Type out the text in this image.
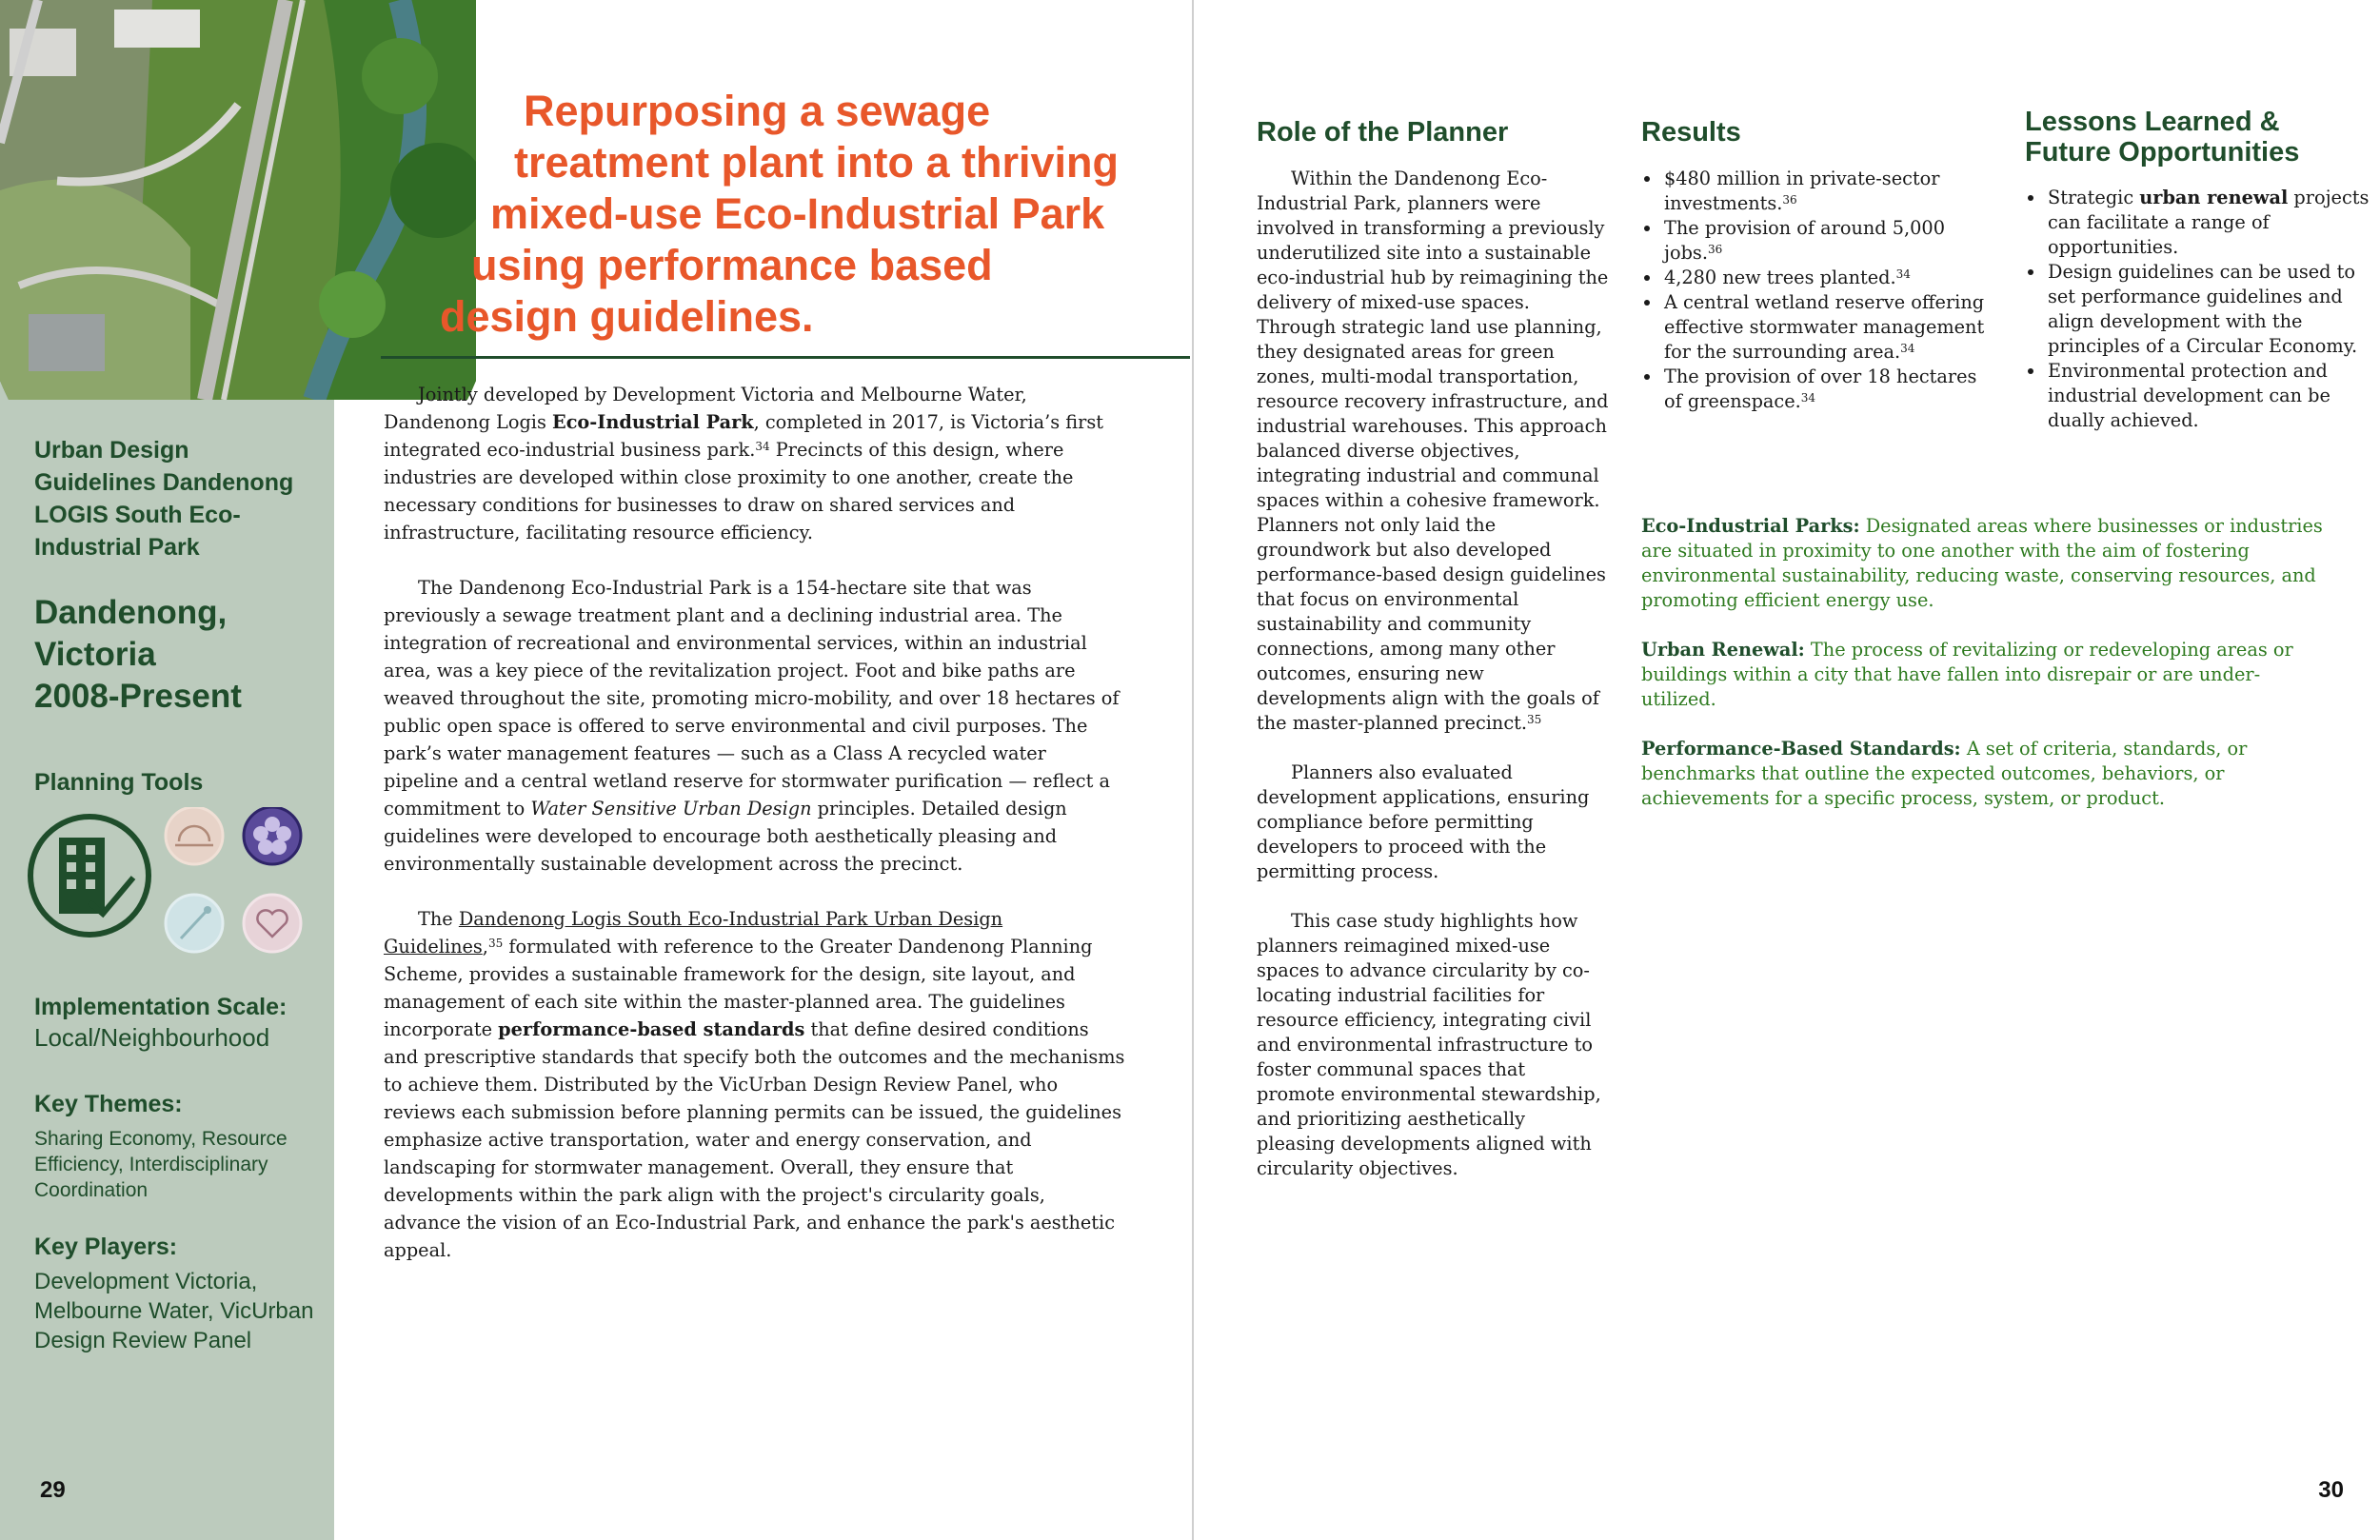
Repurposing a sewage
treatment plant into a thriving
mixed-use Eco-Industrial Park
using performance based
design guidelines.
Urban Design
Guidelines Dandenong
LOGIS South Eco-
Industrial Park
Dandenong,
Victoria
2008-Present
Planning Tools
Implementation Scale:
Local/Neighbourhood
Key Themes:
Sharing Economy, Resource Efficiency, Interdisciplinary Coordination
Key Players:
Development Victoria, Melbourne Water, VicUrban Design Review Panel
29

Jointly developed by Development Victoria and Melbourne Water, Dandenong Logis Eco-Industrial Park, completed in 2017, is Victoria’s first integrated eco-industrial business park.$^{34}$ Precincts of this design, where industries are developed within close proximity to one another, create the necessary conditions for businesses to draw on shared services and infrastructure, facilitating resource efficiency.

The Dandenong Eco-Industrial Park is a 154-hectare site that was previously a sewage treatment plant and a declining industrial area. The integration of recreational and environmental services, within an industrial area, was a key piece of the revitalization project. Foot and bike paths are weaved throughout the site, promoting micro-mobility, and over 18 hectares of public open space is offered to serve environmental and civil purposes. The park’s water management features — such as a Class A recycled water pipeline and a central wetland reserve for stormwater purification — reflect a commitment to Water Sensitive Urban Design principles. Detailed design guidelines were developed to encourage both aesthetically pleasing and environmentally sustainable development across the precinct.

The Dandenong Logis South Eco-Industrial Park Urban Design Guidelines,$^{35}$ formulated with reference to the Greater Dandenong Planning Scheme, provides a sustainable framework for the design, site layout, and management of each site within the master-planned area. The guidelines incorporate performance-based standards that define desired conditions and prescriptive standards that specify both the outcomes and the mechanisms to achieve them. Distributed by the VicUrban Design Review Panel, who reviews each submission before planning permits can be issued, the guidelines emphasize active transportation, water and energy conservation, and landscaping for stormwater management. Overall, they ensure that developments within the park align with the project's circularity goals, advance the vision of an Eco-Industrial Park, and enhance the park's aesthetic appeal.

Role of the Planner

Within the Dandenong Eco-Industrial Park, planners were involved in transforming a previously underutilized site into a sustainable eco-industrial hub by reimagining the delivery of mixed-use spaces. Through strategic land use planning, they designated areas for green zones, multi-modal transportation, resource recovery infrastructure, and industrial warehouses. This approach balanced diverse objectives, integrating industrial and communal spaces within a cohesive framework. Planners not only laid the groundwork but also developed performance-based design guidelines that focus on environmental sustainability and community connections, among many other outcomes, ensuring new developments align with the goals of the master-planned precinct.$^{35}$

Planners also evaluated development applications, ensuring compliance before permitting developers to proceed with the permitting process.

This case study highlights how planners reimagined mixed-use spaces to advance circularity by co-locating industrial facilities for resource efficiency, integrating civil and environmental infrastructure to foster communal spaces that promote environmental stewardship, and prioritizing aesthetically pleasing developments aligned with circularity objectives.

Results
• $480 million in private-sector investments.$^{36}$
• The provision of around 5,000 jobs.$^{36}$
• 4,280 new trees planted.$^{34}$
• A central wetland reserve offering effective stormwater management for the surrounding area.$^{34}$
• The provision of over 18 hectares of greenspace.$^{34}$
Lessons Learned &
Future Opportunities
• Strategic urban renewal projects can facilitate a range of opportunities.
• Design guidelines can be used to set performance guidelines and align development with the principles of a Circular Economy.
• Environmental protection and industrial development can be dually achieved.

Eco-Industrial Parks: Designated areas where businesses or industries are situated in proximity to one another with the aim of fostering environmental sustainability, reducing waste, conserving resources, and promoting efficient energy use.

Urban Renewal: The process of revitalizing or redeveloping areas or buildings within a city that have fallen into disrepair or are under-utilized.

Performance-Based Standards: A set of criteria, standards, or benchmarks that outline the expected outcomes, behaviors, or achievements for a specific process, system, or product.

30
